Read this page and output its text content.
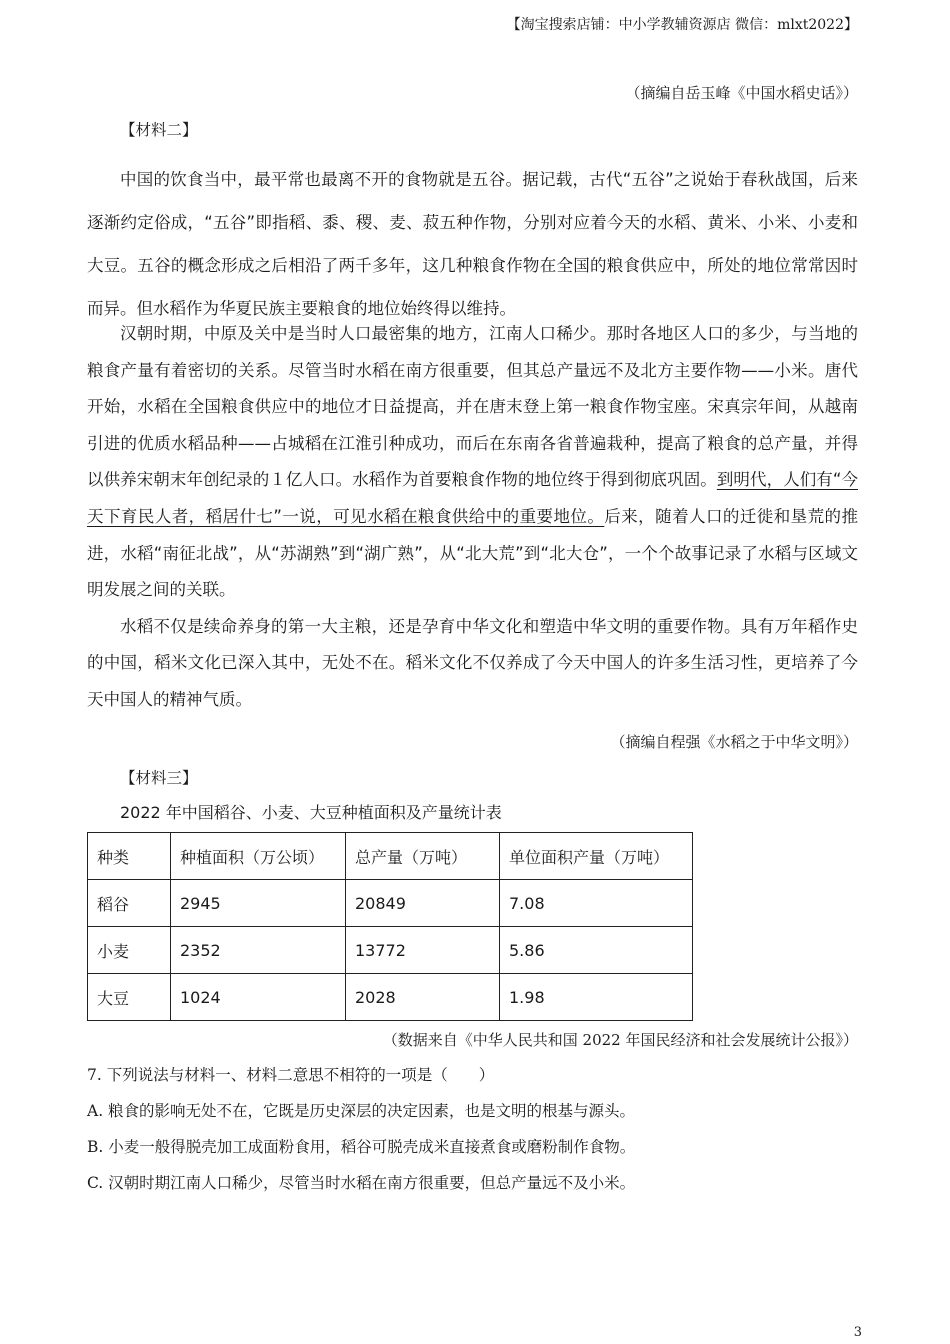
【淘宝搜索店铺：中小学教辅资源店 微信：mlxt2022】
（摘编自岳玉峰《中国水稻史话》）
【材料二】

中国的饮食当中，最平常也最离不开的食物就是五谷。据记载，古代“五谷”之说始于春秋战国，后来逐渐约定俗成，“五谷”即指稻、黍、稷、麦、菽五种作物，分别对应着今天的水稻、黄米、小米、小麦和大豆。五谷的概念形成之后相沿了两千多年，这几种粮食作物在全国的粮食供应中，所处的地位常常因时而异。但水稻作为华夏民族主要粮食的地位始终得以维持。

汉朝时期，中原及关中是当时人口最密集的地方，江南人口稀少。那时各地区人口的多少，与当地的粮食产量有着密切的关系。尽管当时水稻在南方很重要，但其总产量远不及北方主要作物——小米。唐代开始，水稻在全国粮食供应中的地位才日益提高，并在唐末登上第一粮食作物宝座。宋真宗年间，从越南引进的优质水稻品种——占城稻在江淮引种成功，而后在东南各省普遍栽种，提高了粮食的总产量，并得以供养宋朝末年创纪录的１亿人口。水稻作为首要粮食作物的地位终于得到彻底巩固。到明代，人们有“今天下育民人者，稻居什七”一说，可见水稻在粮食供给中的重要地位。后来，随着人口的迁徙和垦荒的推进，水稻“南征北战”，从“苏湖熟”到“湖广熟”，从“北大荒”到“北大仓”，一个个故事记录了水稻与区域文明发展之间的关联。

水稻不仅是续命养身的第一大主粮，还是孕育中华文化和塑造中华文明的重要作物。具有万年稻作史的中国，稻米文化已深入其中，无处不在。稻米文化不仅养成了今天中国人的许多生活习性，更培养了今天中国人的精神气质。

（摘编自程强《水稻之于中华文明》）
【材料三】
2022 年中国稻谷、小麦、大豆种植面积及产量统计表
种类	种植面积（万公顷）	总产量（万吨）	单位面积产量（万吨）
稻谷	2945	20849	7.08
小麦	2352	13772	5.86
大豆	1024	2028	1.98
（数据来自《中华人民共和国 2022 年国民经济和社会发展统计公报》）
7. 下列说法与材料一、材料二意思不相符的一项是（　　）
A. 粮食的影响无处不在，它既是历史深层的决定因素，也是文明的根基与源头。
B. 小麦一般得脱壳加工成面粉食用，稻谷可脱壳成米直接煮食或磨粉制作食物。
C. 汉朝时期江南人口稀少，尽管当时水稻在南方很重要，但总产量远不及小米。
3
